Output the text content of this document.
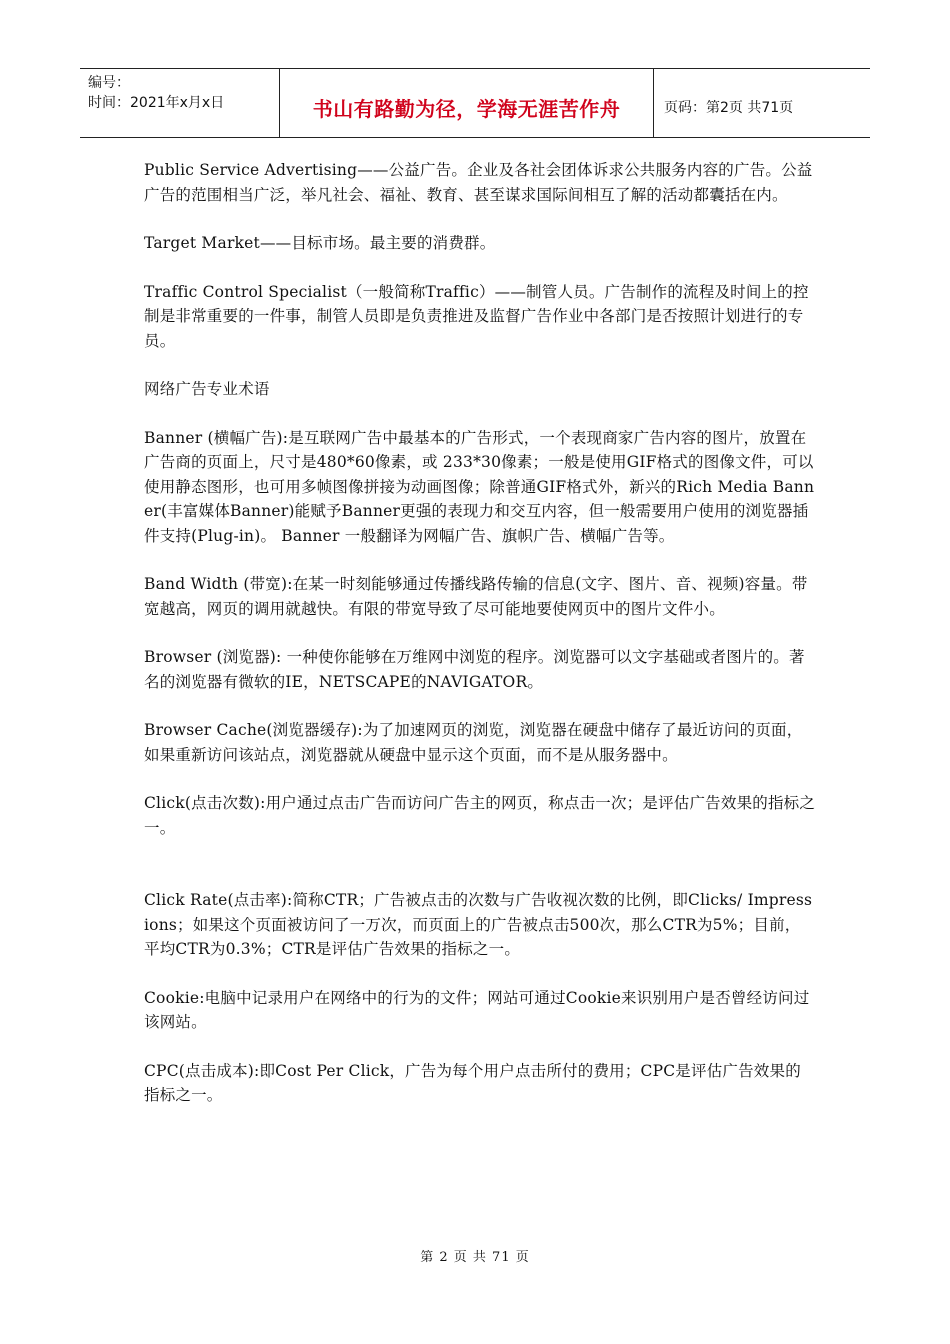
编号：
时间：2021年x月x日	书山有路勤为径，学海无涯苦作舟	页码：第2页 共71页

Public Service Advertising——公益广告。企业及各社会团体诉求公共服务内容的广告。公益广告的范围相当广泛，举凡社会、福祉、教育、甚至谋求国际间相互了解的活动都囊括在内。

Target Market——目标市场。最主要的消费群。

Traffic Control Specialist（一般简称Traffic）——制管人员。广告制作的流程及时间上的控制是非常重要的一件事，制管人员即是负责推进及监督广告作业中各部门是否按照计划进行的专员。

网络广告专业术语

Banner (横幅广告):是互联网广告中最基本的广告形式，一个表现商家广告内容的图片，放置在广告商的页面上，尺寸是480*60像素，或 233*30像素；一般是使用GIF格式的图像文件，可以使用静态图形，也可用多帧图像拼接为动画图像；除普通GIF格式外，新兴的Rich Media Banner(丰富媒体Banner)能赋予Banner更强的表现力和交互内容，但一般需要用户使用的浏览器插件支持(Plug-in)。 Banner 一般翻译为网幅广告、旗帜广告、横幅广告等。

Band Width (带宽):在某一时刻能够通过传播线路传输的信息(文字、图片、音、视频)容量。带宽越高，网页的调用就越快。有限的带宽导致了尽可能地要使网页中的图片文件小。

Browser (浏览器): 一种使你能够在万维网中浏览的程序。浏览器可以文字基础或者图片的。著名的浏览器有微软的IE，NETSCAPE的NAVIGATOR。

Browser Cache(浏览器缓存):为了加速网页的浏览，浏览器在硬盘中储存了最近访问的页面，如果重新访问该站点，浏览器就从硬盘中显示这个页面，而不是从服务器中。

Click(点击次数):用户通过点击广告而访问广告主的网页，称点击一次；是评估广告效果的指标之一。

Click Rate(点击率):简称CTR；广告被点击的次数与广告收视次数的比例，即Clicks/ Impressions；如果这个页面被访问了一万次，而页面上的广告被点击500次，那么CTR为5%；目前，平均CTR为0.3%；CTR是评估广告效果的指标之一。

Cookie:电脑中记录用户在网络中的行为的文件；网站可通过Cookie来识别用户是否曾经访问过该网站。

CPC(点击成本):即Cost Per Click，广告为每个用户点击所付的费用；CPC是评估广告效果的指标之一。

第 2 页 共 71 页
